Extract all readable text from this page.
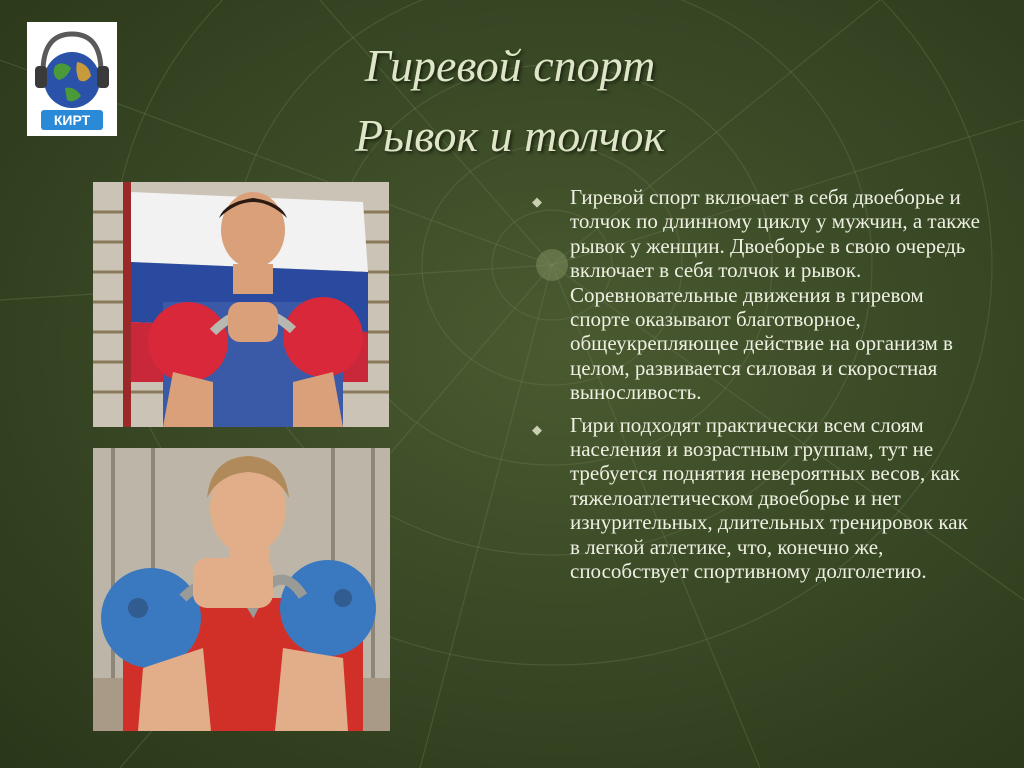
КИРТ
Гиревой спорт
Рывок и толчок
◆ Гиревой спорт включает в себя двоеборье и толчок по длинному циклу у мужчин, а также рывок у женщин. Двоеборье в свою очередь включает в себя толчок и рывок. Соревновательные движения в гиревом спорте оказывают благотворное, общеукрепляющее действие на организм в целом, развивается силовая и скоростная выносливость.
◆ Гири подходят практически всем слоям населения и возрастным группам, тут не требуется поднятия невероятных весов, как тяжелоатлетическом двоеборье и нет изнурительных, длительных тренировок как в легкой атлетике, что, конечно же, способствует спортивному долголетию.
